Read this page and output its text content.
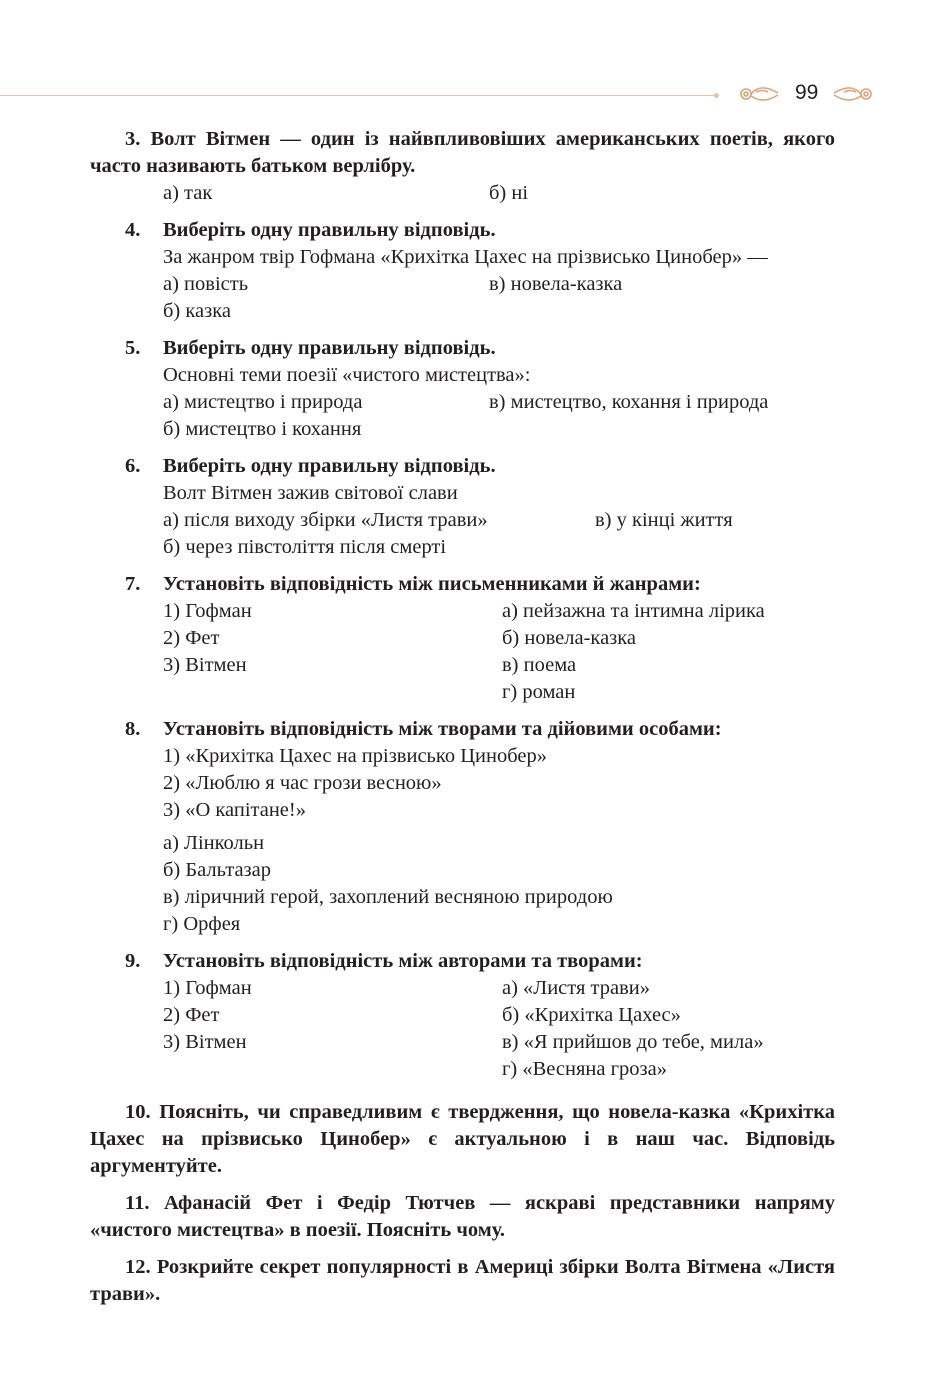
99
3. Волт Вітмен — один із найвпливовіших американських поетів, якого часто називають батьком верлібру.
а) так	б) ні
4.	Виберіть одну правильну відповідь.
За жанром твір Гофмана «Крихітка Цахес на прізвисько Цинобер» —
а) повість	в) новела-казка
б) казка
5.	Виберіть одну правильну відповідь.
Основні теми поезії «чистого мистецтва»:
а) мистецтво і природа	в) мистецтво, кохання і природа
б) мистецтво і кохання
6.	Виберіть одну правильну відповідь.
Волт Вітмен зажив світової слави
а) після виходу збірки «Листя трави»	в) у кінці життя
б) через півстоліття після смерті
7.	Установіть відповідність між письменниками й жанрами:
1) Гофман	а) пейзажна та інтимна лірика
2) Фет	б) новела-казка
3) Вітмен	в) поема
г) роман
8.	Установіть відповідність між творами та дійовими особами:
1) «Крихітка Цахес на прізвисько Цинобер»
2) «Люблю я час грози весною»
3) «О капітане!»
а) Лінкольн
б) Бальтазар
в) ліричний герой, захоплений весняною природою
г) Орфея
9.	Установіть відповідність між авторами та творами:
1) Гофман	а) «Листя трави»
2) Фет	б) «Крихітка Цахес»
3) Вітмен	в) «Я прийшов до тебе, мила»
г) «Весняна гроза»
10. Поясніть, чи справедливим є твердження, що новела-казка «Крихітка Цахес на прізвисько Цинобер» є актуальною і в наш час. Відповідь аргументуйте.
11. Афанасій Фет і Федір Тютчев — яскраві представники напряму «чистого мистецтва» в поезії. Поясніть чому.
12. Розкрийте секрет популярності в Америці збірки Волта Вітмена «Листя трави».
